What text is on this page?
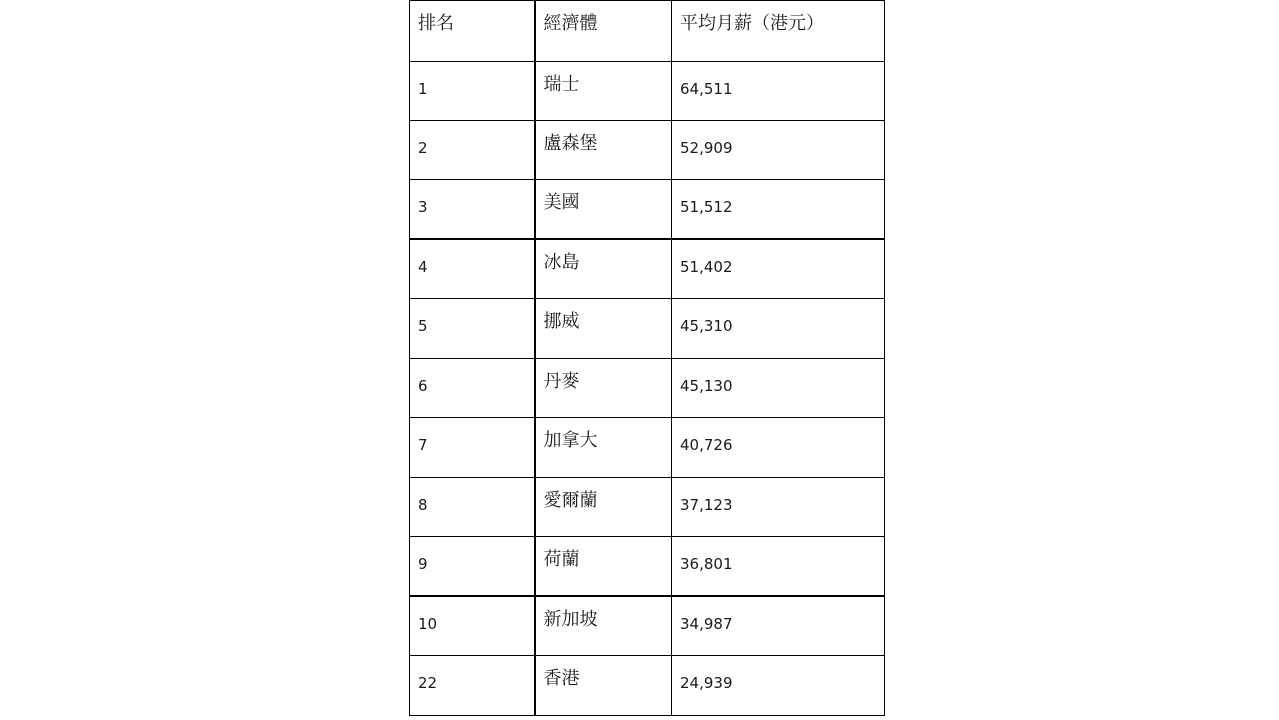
排名	經濟體	平均月薪（港元）

1	瑞士	64,511

2	盧森堡	52,909

3	美國	51,512

4	冰島	51,402

5	挪威	45,310

6	丹麥	45,130

7	加拿大	40,726

8	愛爾蘭	37,123

9	荷蘭	36,801

10	新加坡	34,987

22	香港	24,939
